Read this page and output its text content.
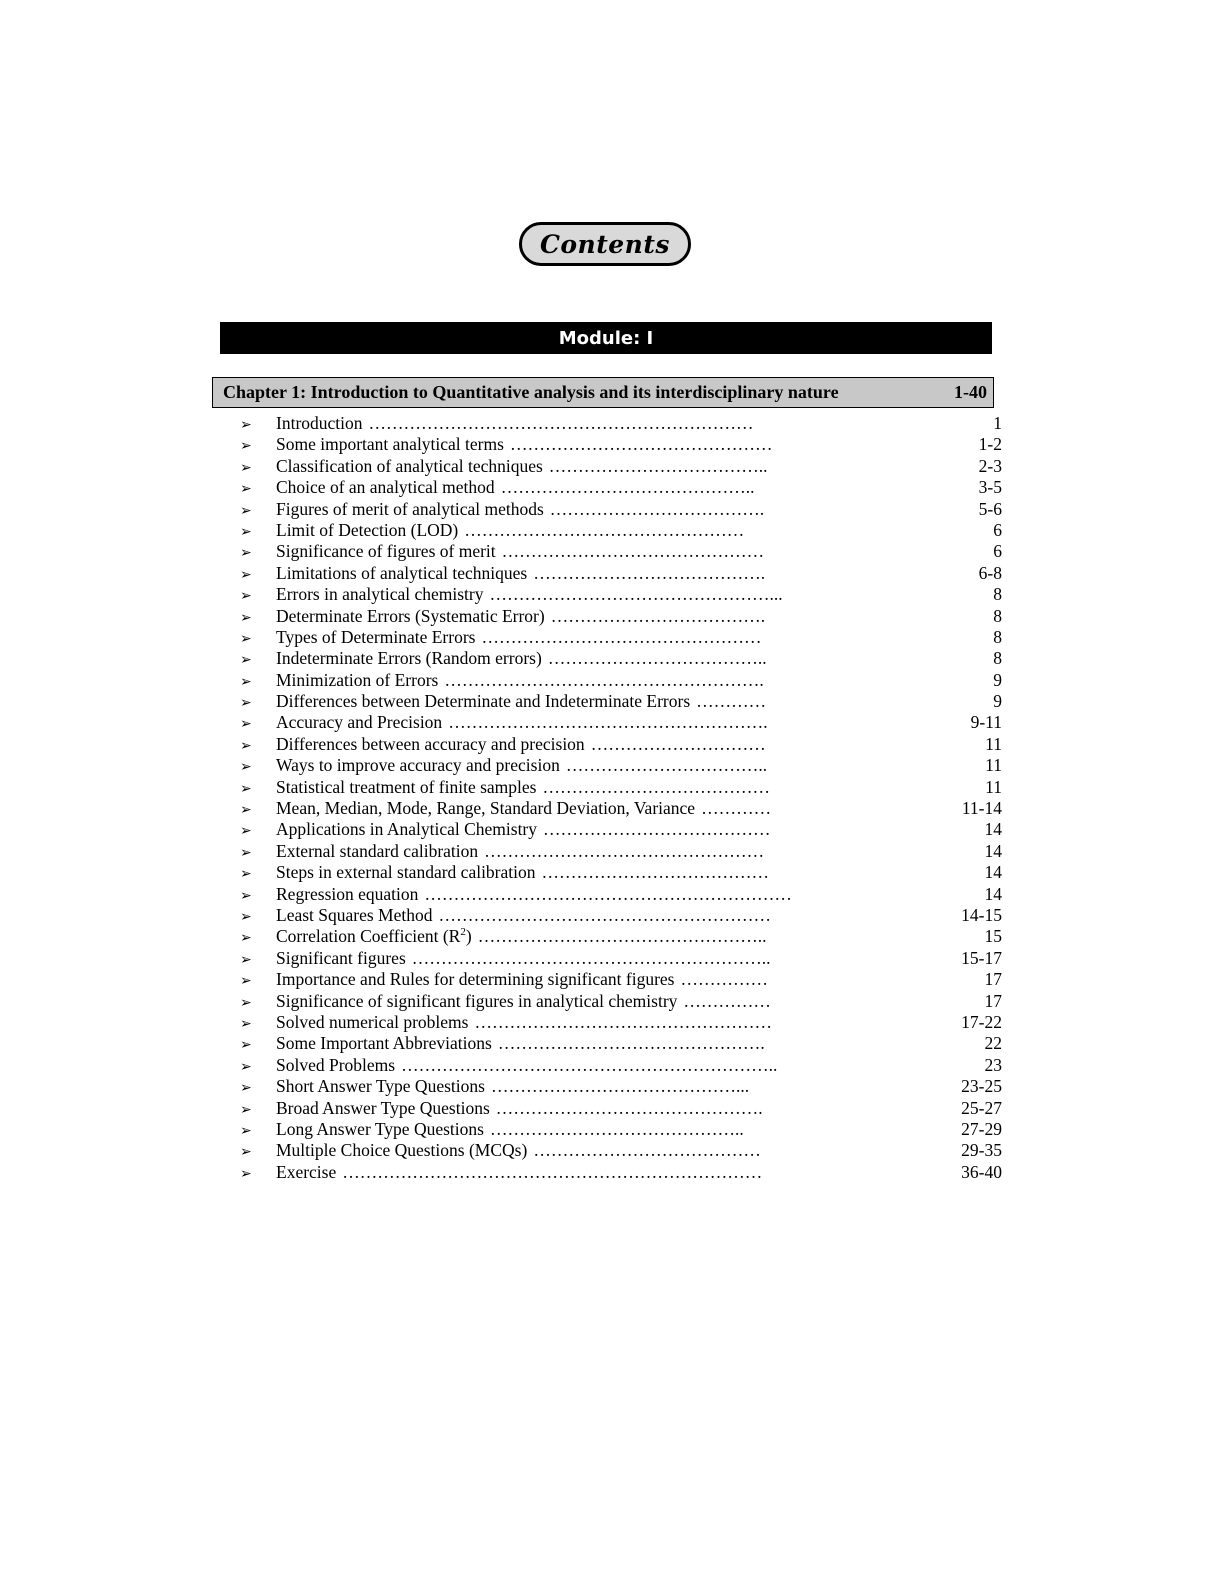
Contents
Module: I
Chapter 1: Introduction to Quantitative analysis and its interdisciplinary nature	1-40
➢	Introduction …………………………………………………………	1
➢	Some important analytical terms ………………………………………	1-2
➢	Classification of analytical techniques ………………………………..	2-3
➢	Choice of an analytical method ……………………………………..	3-5
➢	Figures of merit of analytical methods ……………………………….	5-6
➢	Limit of Detection (LOD) …………………………………………	6
➢	Significance of figures of merit ………………………………………	6
➢	Limitations of analytical techniques ………………………………….	6-8
➢	Errors in analytical chemistry …………………………………………...	8
➢	Determinate Errors (Systematic Error) ……………………………….	8
➢	Types of Determinate Errors …………………………………………	8
➢	Indeterminate Errors (Random errors) ………………………………..	8
➢	Minimization of Errors ……………………………………………….	9
➢	Differences between Determinate and Indeterminate Errors …………	9
➢	Accuracy and Precision ……………………………………………….	9-11
➢	Differences between accuracy and precision …………………………	11
➢	Ways to improve accuracy and precision ……………………………..	11
➢	Statistical treatment of finite samples …………………………………	11
➢	Mean, Median, Mode, Range, Standard Deviation, Variance …………	11-14
➢	Applications in Analytical Chemistry …………………………………	14
➢	External standard calibration …………………………………………	14
➢	Steps in external standard calibration …………………………………	14
➢	Regression equation ………………………………………………………	14
➢	Least Squares Method …………………………………………………	14-15
➢	Correlation Coefficient $(R^2)$ …………………………………………..	15
➢	Significant figures ……………………………………………………..	15-17
➢	Importance and Rules for determining significant figures ……………	17
➢	Significance of significant figures in analytical chemistry ……………	17
➢	Solved numerical problems ……………………………………………	17-22
➢	Some Important Abbreviations ……………………………………….	22
➢	Solved Problems ………………………………………………………..	23
➢	Short Answer Type Questions ……………………………………...	23-25
➢	Broad Answer Type Questions ……………………………………….	25-27
➢	Long Answer Type Questions ……………………………………..	27-29
➢	Multiple Choice Questions (MCQs) …………………………………	29-35
➢	Exercise ………………………………………………………………	36-40
